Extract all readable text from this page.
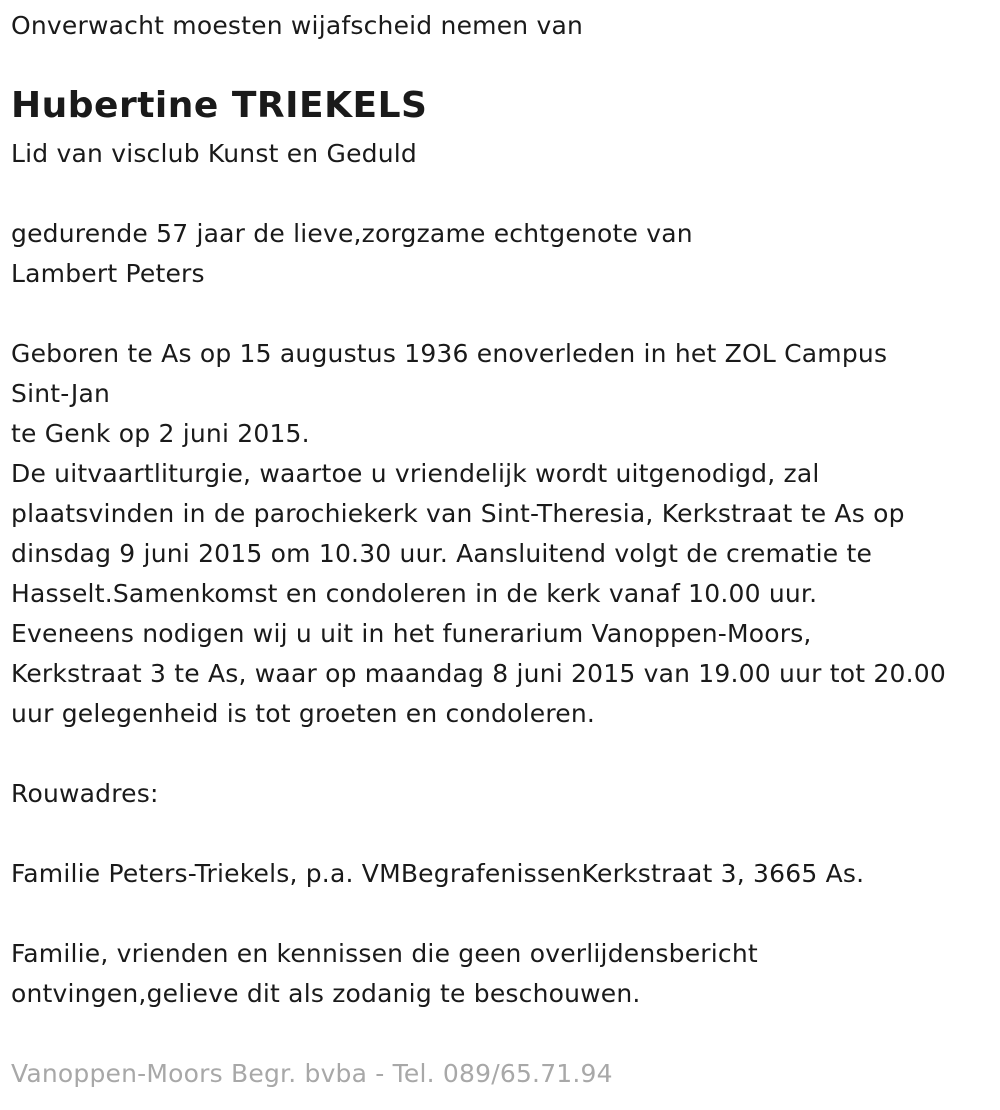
Onverwacht moesten wijafscheid nemen van
Hubertine TRIEKELS
Lid van visclub Kunst en Geduld
gedurende 57 jaar de lieve,zorgzame echtgenote van
Lambert Peters
Geboren te As op 15 augustus 1936 enoverleden in het ZOL Campus
Sint-Jan
te Genk op 2 juni 2015.
De uitvaartliturgie, waartoe u vriendelijk wordt uitgenodigd, zal
plaatsvinden in de parochiekerk van Sint-Theresia, Kerkstraat te As op
dinsdag 9 juni 2015 om 10.30 uur. Aansluitend volgt de crematie te
Hasselt.Samenkomst en condoleren in de kerk vanaf 10.00 uur.
Eveneens nodigen wij u uit in het funerarium Vanoppen-Moors,
Kerkstraat 3 te As, waar op maandag 8 juni 2015 van 19.00 uur tot 20.00
uur gelegenheid is tot groeten en condoleren.
Rouwadres:
Familie Peters-Triekels, p.a. VMBegrafenissenKerkstraat 3, 3665 As.
Familie, vrienden en kennissen die geen overlijdensbericht
ontvingen,gelieve dit als zodanig te beschouwen.
Vanoppen-Moors Begr. bvba - Tel. 089/65.71.94
